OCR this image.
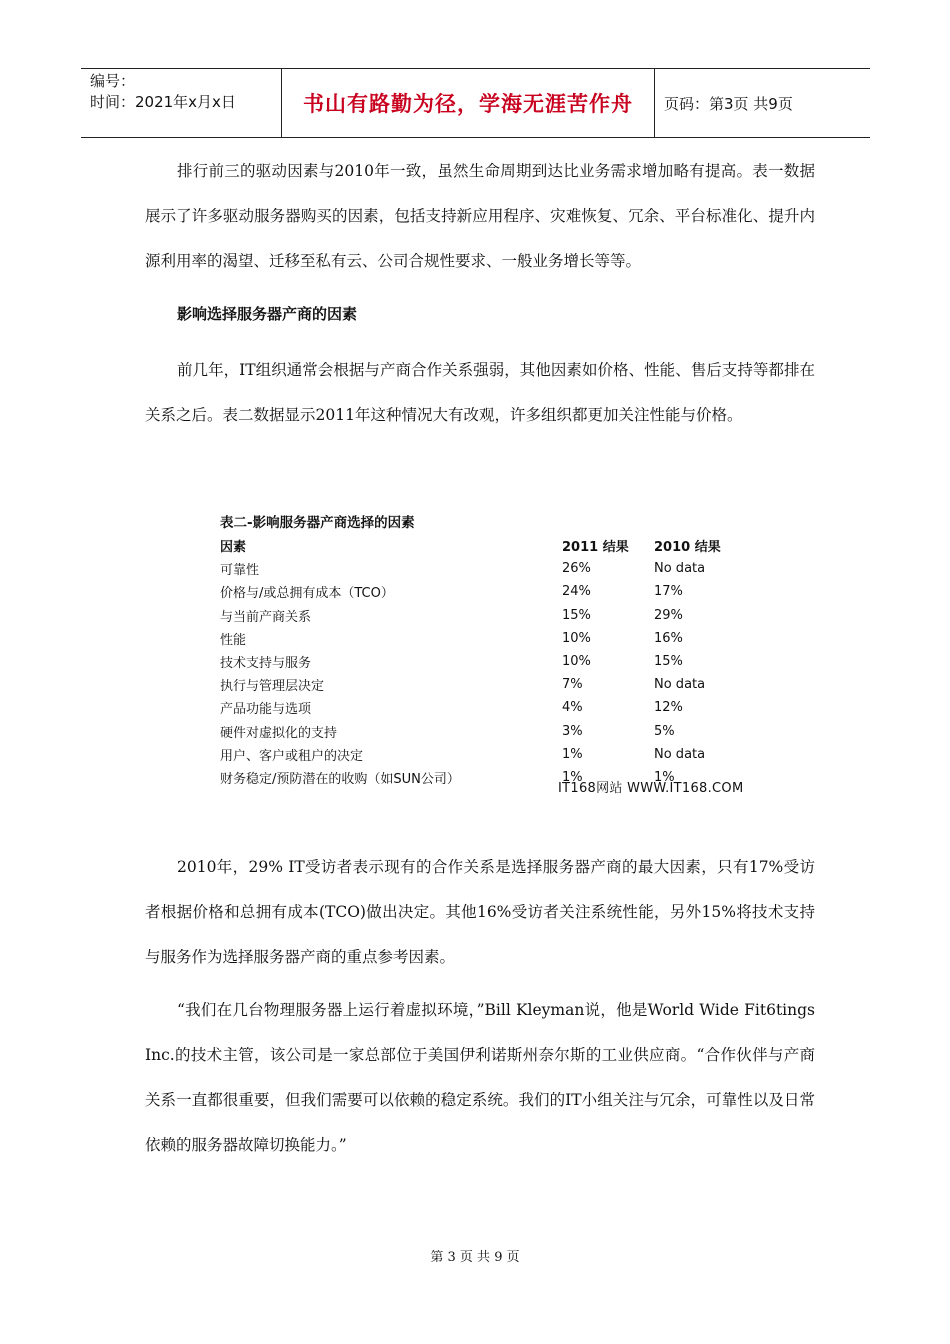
编号：
时间：2021年x月x日	书山有路勤为径，学海无涯苦作舟	页码：第3页 共9页

排行前三的驱动因素与2010年一致，虽然生命周期到达比业务需求增加略有提高。表一数据展示了许多驱动服务器购买的因素，包括支持新应用程序、灾难恢复、冗余、平台标准化、提升内源利用率的渴望、迁移至私有云、公司合规性要求、一般业务增长等等。

影响选择服务器产商的因素

前几年，IT组织通常会根据与产商合作关系强弱，其他因素如价格、性能、售后支持等都排在关系之后。表二数据显示2011年这种情况大有改观，许多组织都更加关注性能与价格。

表二-影响服务器产商选择的因素
因素	2011 结果	2010 结果
可靠性	26%	No data
价格与/或总拥有成本（TCO）	24%	17%
与当前产商关系	15%	29%
性能	10%	16%
技术支持与服务	10%	15%
执行与管理层决定	7%	No data
产品功能与选项	4%	12%
硬件对虚拟化的支持	3%	5%
用户、客户或租户的决定	1%	No data
财务稳定/预防潜在的收购（如SUN公司）	1%	1%
IT168网站 WWW.IT168.COM

2010年，29% IT受访者表示现有的合作关系是选择服务器产商的最大因素，只有17%受访者根据价格和总拥有成本(TCO)做出决定。其他16%受访者关注系统性能，另外15%将技术支持与服务作为选择服务器产商的重点参考因素。

“我们在几台物理服务器上运行着虚拟环境，”Bill Kleyman说，他是World Wide Fit6tings Inc.的技术主管，该公司是一家总部位于美国伊利诺斯州奈尔斯的工业供应商。“合作伙伴与产商关系一直都很重要，但我们需要可以依赖的稳定系统。我们的IT小组关注与冗余，可靠性以及日常依赖的服务器故障切换能力。”

第 3 页 共 9 页
